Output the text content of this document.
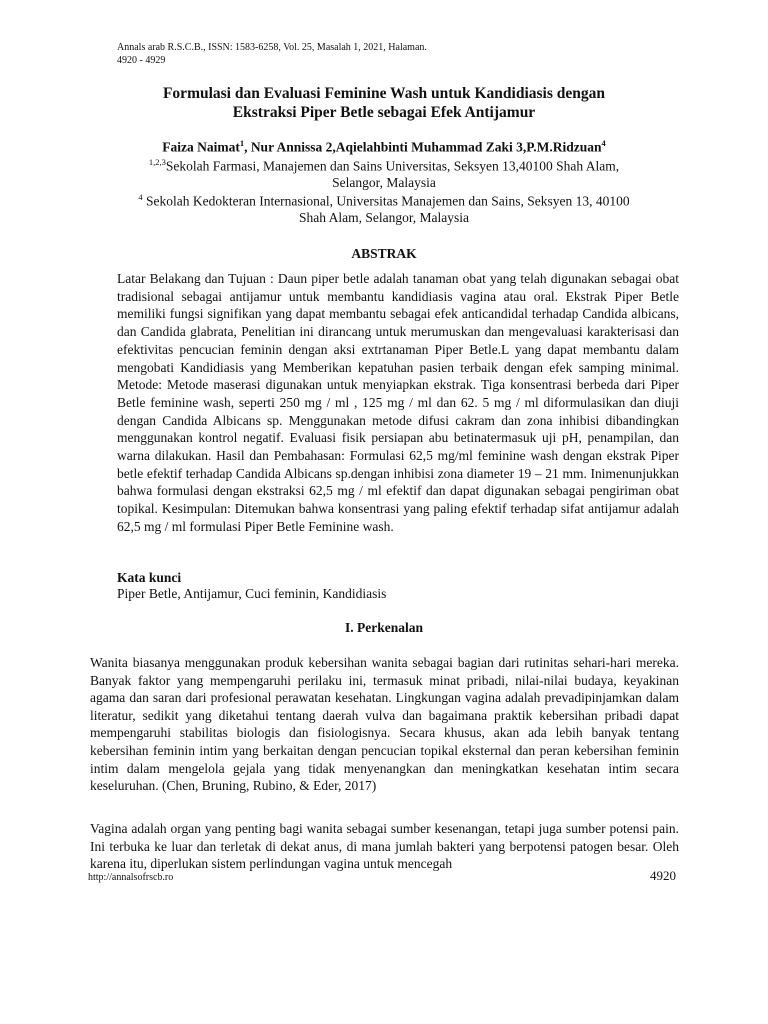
Annals arab R.S.C.B., ISSN: 1583-6258, Vol. 25, Masalah 1, 2021, Halaman.
4920 - 4929
Formulasi dan Evaluasi Feminine Wash untuk Kandidiasis dengan
Ekstraksi Piper Betle sebagai Efek Antijamur
Faiza Naimat$^1$, Nur Annissa 2,Aqielahbinti Muhammad Zaki 3,P.M.Ridzuan$^4$
$^{1,2,3}$Sekolah Farmasi, Manajemen dan Sains Universitas, Seksyen 13,40100 Shah Alam,
Selangor, Malaysia
$^4$ Sekolah Kedokteran Internasional, Universitas Manajemen dan Sains, Seksyen 13, 40100
Shah Alam, Selangor, Malaysia
ABSTRAK
Latar Belakang dan Tujuan : Daun piper betle adalah tanaman obat yang telah digunakan sebagai obat tradisional sebagai antijamur untuk membantu kandidiasis vagina atau oral. Ekstrak Piper Betle memiliki fungsi signifikan yang dapat membantu sebagai efek anticandidal terhadap Candida albicans, dan Candida glabrata, Penelitian ini dirancang untuk merumuskan dan mengevaluasi karakterisasi dan efektivitas pencucian feminin dengan aksi extrtanaman Piper Betle.L yang dapat membantu dalam mengobati Kandidiasis yang Memberikan kepatuhan pasien terbaik dengan efek samping minimal. Metode: Metode maserasi digunakan untuk menyiapkan ekstrak. Tiga konsentrasi berbeda dari Piper Betle feminine wash, seperti 250 mg / ml , 125 mg / ml dan 62. 5 mg / ml diformulasikan dan diuji dengan Candida Albicans sp. Menggunakan metode difusi cakram dan zona inhibisi dibandingkan menggunakan kontrol negatif. Evaluasi fisik persiapan abu betinatermasuk uji pH, penampilan, dan warna dilakukan. Hasil dan Pembahasan: Formulasi 62,5 mg/ml feminine wash dengan ekstrak Piper betle efektif terhadap Candida Albicans sp.dengan inhibisi zona diameter 19 – 21 mm. Inimenunjukkan bahwa formulasi dengan ekstraksi 62,5 mg / ml efektif dan dapat digunakan sebagai pengiriman obat topikal. Kesimpulan: Ditemukan bahwa konsentrasi yang paling efektif terhadap sifat antijamur adalah 62,5 mg / ml formulasi Piper Betle Feminine wash.
Kata kunci
Piper Betle, Antijamur, Cuci feminin, Kandidiasis
I. Perkenalan
Wanita biasanya menggunakan produk kebersihan wanita sebagai bagian dari rutinitas sehari-hari mereka. Banyak faktor yang mempengaruhi perilaku ini, termasuk minat pribadi, nilai-nilai budaya, keyakinan agama dan saran dari profesional perawatan kesehatan. Lingkungan vagina adalah prevadipinjamkan dalam literatur, sedikit yang diketahui tentang daerah vulva dan bagaimana praktik kebersihan pribadi dapat mempengaruhi stabilitas biologis dan fisiologisnya. Secara khusus, akan ada lebih banyak tentang kebersihan feminin intim yang berkaitan dengan pencucian topikal eksternal dan peran kebersihan feminin intim dalam mengelola gejala yang tidak menyenangkan dan meningkatkan kesehatan intim secara keseluruhan. (Chen, Bruning, Rubino, & Eder, 2017)
Vagina adalah organ yang penting bagi wanita sebagai sumber kesenangan, tetapi juga sumber potensi pain. Ini terbuka ke luar dan terletak di dekat anus, di mana jumlah bakteri yang berpotensi patogen besar. Oleh karena itu, diperlukan sistem perlindungan vagina untuk mencegah
http://annalsofrscb.ro	4920
